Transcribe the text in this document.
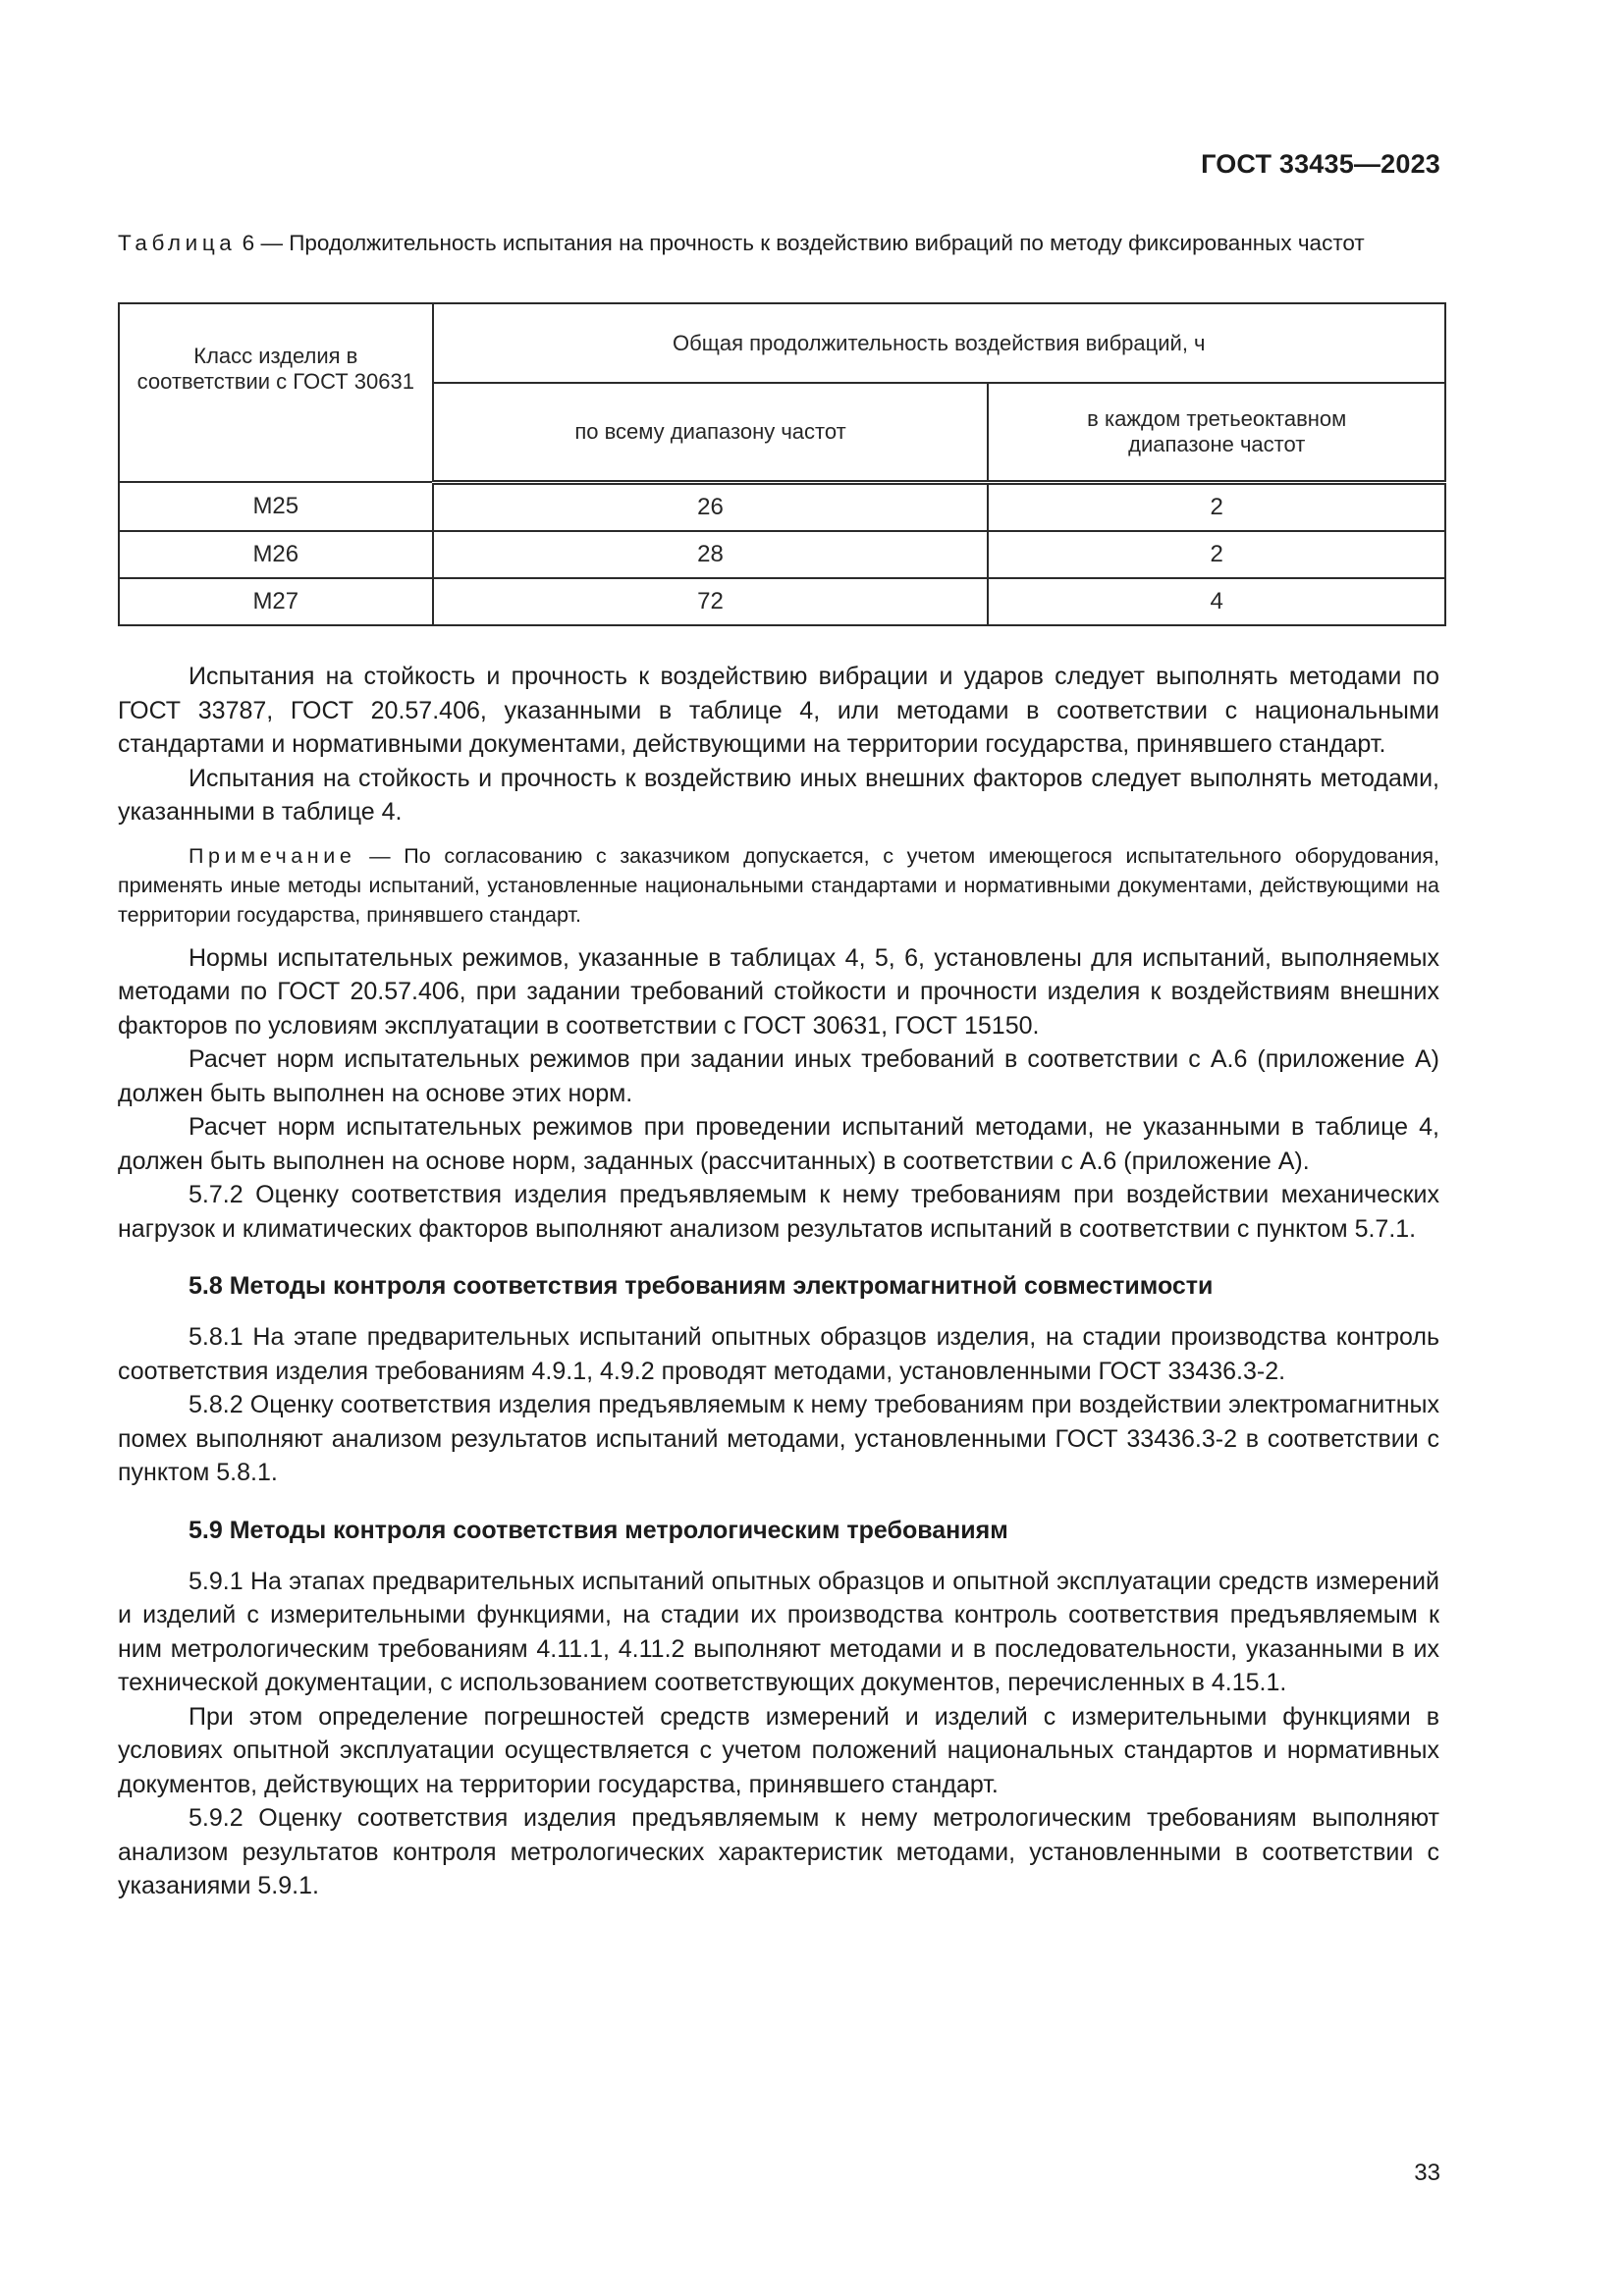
ГОСТ 33435—2023
Таблица 6 — Продолжительность испытания на прочность к воздействию вибраций по методу фиксированных частот
Класс изделия в соответствии с ГОСТ 30631	Общая продолжительность воздействия вибраций, ч	
	по всему диапазону частот	в каждом третьеоктавном диапазоне частот
М25	26	2
М26	28	2
М27	72	4

Испытания на стойкость и прочность к воздействию вибрации и ударов следует выполнять методами по ГОСТ 33787, ГОСТ 20.57.406, указанными в таблице 4, или методами в соответствии с национальными стандартами и нормативными документами, действующими на территории государства, принявшего стандарт.

Испытания на стойкость и прочность к воздействию иных внешних факторов следует выполнять методами, указанными в таблице 4.

Примечание — По согласованию с заказчиком допускается, с учетом имеющегося испытательного оборудования, применять иные методы испытаний, установленные национальными стандартами и нормативными документами, действующими на территории государства, принявшего стандарт.

Нормы испытательных режимов, указанные в таблицах 4, 5, 6, установлены для испытаний, выполняемых методами по ГОСТ 20.57.406, при задании требований стойкости и прочности изделия к воздействиям внешних факторов по условиям эксплуатации в соответствии с ГОСТ 30631, ГОСТ 15150.

Расчет норм испытательных режимов при задании иных требований в соответствии с А.6 (приложение А) должен быть выполнен на основе этих норм.

Расчет норм испытательных режимов при проведении испытаний методами, не указанными в таблице 4, должен быть выполнен на основе норм, заданных (рассчитанных) в соответствии с А.6 (приложение А).

5.7.2 Оценку соответствия изделия предъявляемым к нему требованиям при воздействии механических нагрузок и климатических факторов выполняют анализом результатов испытаний в соответствии с пунктом 5.7.1.

5.8 Методы контроля соответствия требованиям электромагнитной совместимости

5.8.1 На этапе предварительных испытаний опытных образцов изделия, на стадии производства контроль соответствия изделия требованиям 4.9.1, 4.9.2 проводят методами, установленными ГОСТ 33436.3-2.

5.8.2 Оценку соответствия изделия предъявляемым к нему требованиям при воздействии электромагнитных помех выполняют анализом результатов испытаний методами, установленными ГОСТ 33436.3-2 в соответствии с пунктом 5.8.1.

5.9 Методы контроля соответствия метрологическим требованиям

5.9.1 На этапах предварительных испытаний опытных образцов и опытной эксплуатации средств измерений и изделий с измерительными функциями, на стадии их производства контроль соответствия предъявляемым к ним метрологическим требованиям 4.11.1, 4.11.2 выполняют методами и в последовательности, указанными в их технической документации, с использованием соответствующих документов, перечисленных в 4.15.1.

При этом определение погрешностей средств измерений и изделий с измерительными функциями в условиях опытной эксплуатации осуществляется с учетом положений национальных стандартов и нормативных документов, действующих на территории государства, принявшего стандарт.

5.9.2 Оценку соответствия изделия предъявляемым к нему метрологическим требованиям выполняют анализом результатов контроля метрологических характеристик методами, установленными в соответствии с указаниями 5.9.1.

33
